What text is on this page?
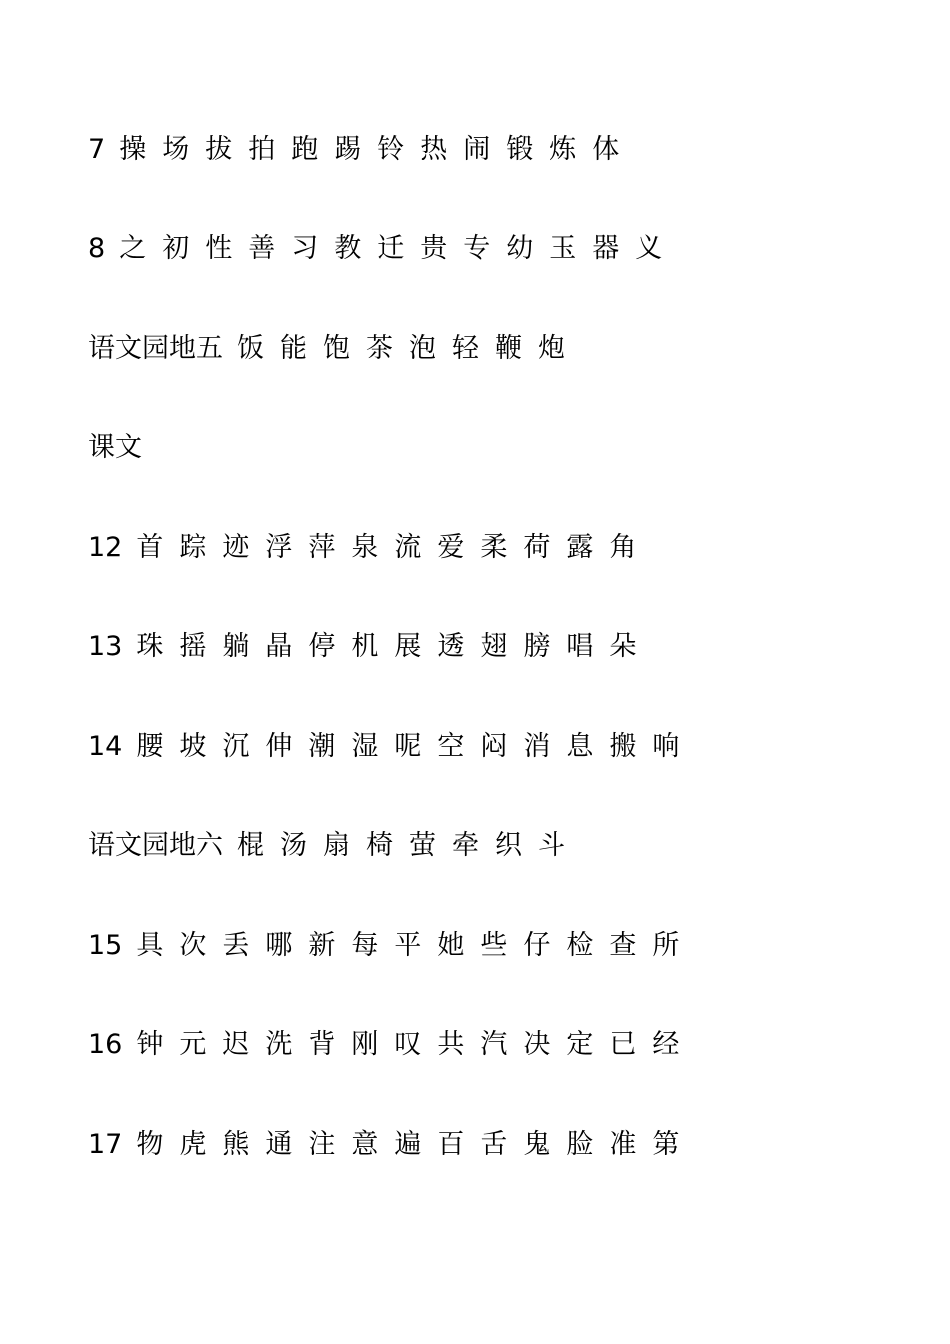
7 操 场 拔 拍 跑 踢 铃 热 闹 锻 炼 体
8 之 初 性 善 习 教 迁 贵 专 幼 玉 器 义
语文园地五 饭 能 饱 茶 泡 轻 鞭 炮
课文
12 首 踪 迹 浮 萍 泉 流 爱 柔 荷 露 角
13 珠 摇 躺 晶 停 机 展 透 翅 膀 唱 朵
14 腰 坡 沉 伸 潮 湿 呢 空 闷 消 息 搬 响
语文园地六 棍 汤 扇 椅 萤 牵 织 斗
15 具 次 丢 哪 新 每 平 她 些 仔 检 查 所
16 钟 元 迟 洗 背 刚 叹 共 汽 决 定 已 经
17 物 虎 熊 通 注 意 遍 百 舌 鬼 脸 准 第
